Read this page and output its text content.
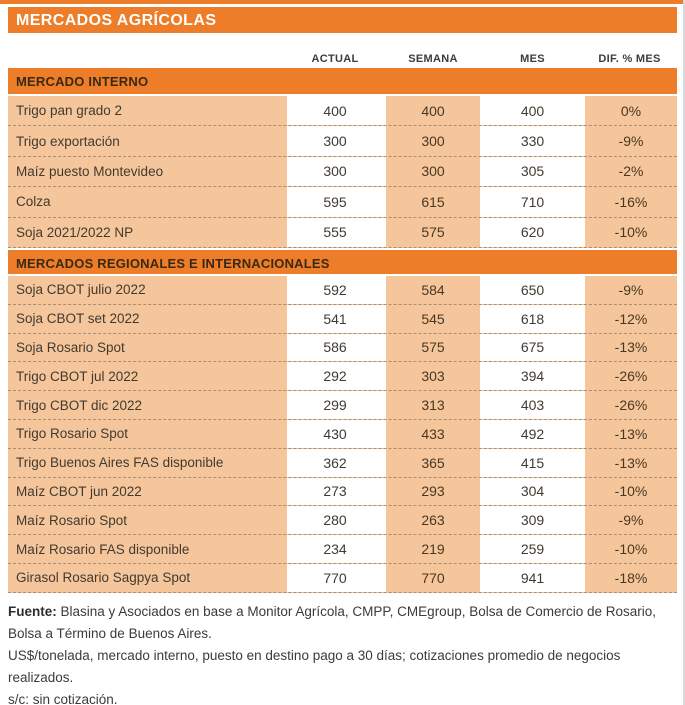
MERCADOS AGRÍCOLAS
ACTUAL	SEMANA	MES	DIF. % MES
MERCADO INTERNO
Trigo pan grado 2	400	400	400	0%
Trigo exportación	300	300	330	-9%
Maíz puesto Montevideo	300	300	305	-2%
Colza	595	615	710	-16%
Soja 2021/2022 NP	555	575	620	-10%
MERCADOS REGIONALES E INTERNACIONALES
Soja CBOT julio 2022	592	584	650	-9%
Soja CBOT set 2022	541	545	618	-12%
Soja Rosario Spot	586	575	675	-13%
Trigo CBOT jul 2022	292	303	394	-26%
Trigo CBOT dic 2022	299	313	403	-26%
Trigo Rosario Spot	430	433	492	-13%
Trigo Buenos Aires FAS disponible	362	365	415	-13%
Maíz CBOT jun 2022	273	293	304	-10%
Maíz Rosario Spot	280	263	309	-9%
Maíz Rosario FAS disponible	234	219	259	-10%
Girasol Rosario Sagpya Spot	770	770	941	-18%
Fuente: Blasina y Asociados en base a Monitor Agrícola, CMPP, CMEgroup, Bolsa de Comercio de Rosario,
Bolsa a Término de Buenos Aires.
US$/tonelada, mercado interno, puesto en destino pago a 30 días; cotizaciones promedio de negocios realizados.
s/c: sin cotización.
